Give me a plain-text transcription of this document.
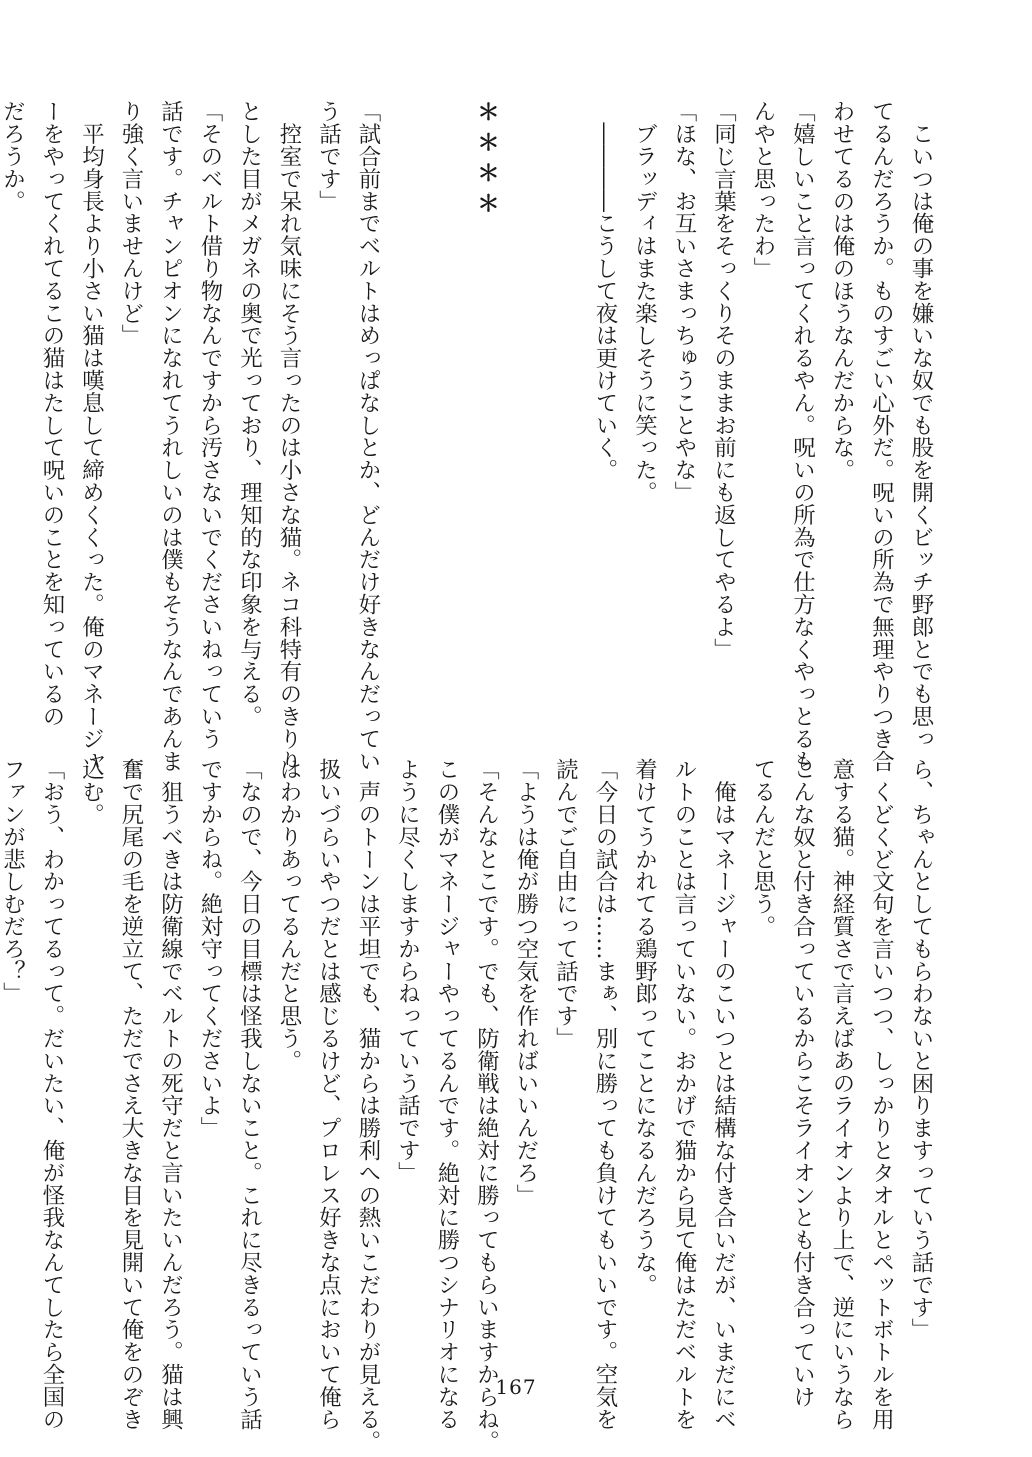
　こいつは俺の事を嫌いな奴でも股を開くビッチ野郎とでも思っ
てるんだろうか。ものすごい心外だ。呪いの所為で無理やりつき合
わせてるのは俺のほうなんだからな。
「嬉しいこと言ってくれるやん。呪いの所為で仕方なくやっとるも
んやと思ったわ」
「同じ言葉をそっくりそのままお前にも返してやるよ」
「ほな、お互いさまっちゅうことやな」
　ブラッディはまた楽しそうに笑った。
　――――こうして夜は更けていく。

＊＊＊＊

「試合前までベルトはめっぱなしとか、どんだけ好きなんだってい
う話です」
　控室で呆れ気味にそう言ったのは小さな猫。ネコ科特有のきりり
とした目がメガネの奥で光っており、理知的な印象を与える。
「そのベルト借り物なんですから汚さないでくださいねっていう
話です。チャンピオンになれてうれしいのは僕もそうなんであんま
り強く言いませんけど」
　平均身長より小さい猫は嘆息して締めくくった。俺のマネージャ
ーをやってくれてるこの猫はたして呪いのことを知っているの
だろうか。
ら、ちゃんとしてもらわないと困りますっていう話です」
　くどくど文句を言いつつ、しっかりとタオルとペットボトルを用
意する猫。神経質さで言えばあのライオンより上で、逆にいうなら
こんな奴と付き合っているからこそライオンとも付き合っていけ
てるんだと思う。
　俺はマネージャーのこいつとは結構な付き合いだが、いまだにベ
ルトのことは言っていない。おかげで猫から見て俺はただベルトを
着けてうかれてる鶏野郎ってことになるんだろうな。
「今日の試合は……まぁ、別に勝っても負けてもいいです。空気を
読んでご自由にって話です」
「ようは俺が勝つ空気を作ればいいんだろ」
「そんなとこです。でも、防衛戦は絶対に勝ってもらいますからね。
この僕がマネージャーやってるんです。絶対に勝つシナリオになる
ように尽くしますからねっていう話です」
　声のトーンは平坦でも、猫からは勝利への熱いこだわりが見える。
扱いづらいやつだとは感じるけど、プロレス好きな点において俺ら
はわかりあってるんだと思う。
「なので、今日の目標は怪我しないこと。これに尽きるっていう話
ですからね。絶対守ってくださいよ」
　狙うべきは防衛線でベルトの死守だと言いたいんだろう。猫は興
奮で尻尾の毛を逆立て、ただでさえ大きな目を見開いて俺をのぞき
込む。
「おう、わかってるって。だいたい、俺が怪我なんてしたら全国の
ファンが悲しむだろ？」
167
